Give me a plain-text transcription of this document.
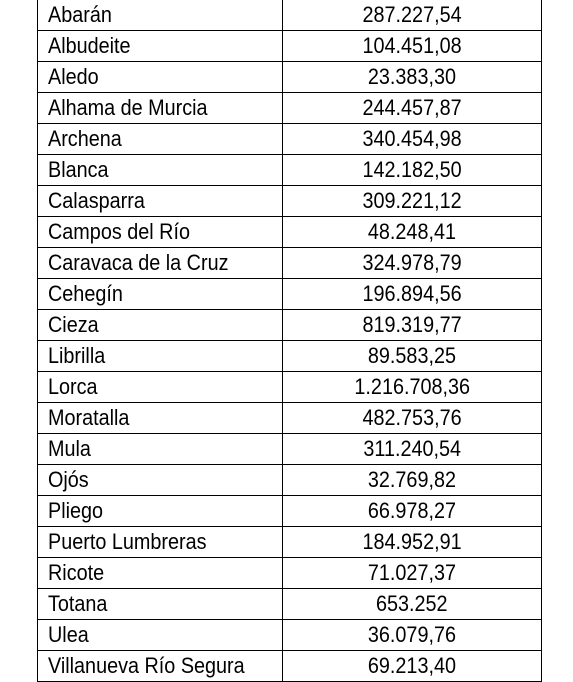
Abarán	287.227,54
Albudeite	104.451,08
Aledo	23.383,30
Alhama de Murcia	244.457,87
Archena	340.454,98
Blanca	142.182,50
Calasparra	309.221,12
Campos del Río	48.248,41
Caravaca de la Cruz	324.978,79
Cehegín	196.894,56
Cieza	819.319,77
Librilla	89.583,25
Lorca	1.216.708,36
Moratalla	482.753,76
Mula	311.240,54
Ojós	32.769,82
Pliego	66.978,27
Puerto Lumbreras	184.952,91
Ricote	71.027,37
Totana	653.252
Ulea	36.079,76
Villanueva Río Segura	69.213,40
